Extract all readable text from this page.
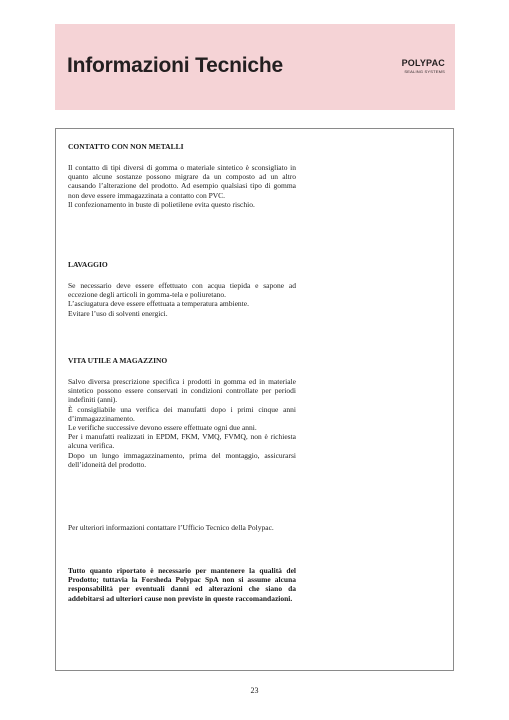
Informazioni Tecniche	POLYPAC
SEALING SYSTEMS

CONTATTO CON NON METALLI

Il contatto di tipi diversi di gomma o materiale sintetico è sconsigliato in quanto alcune sostanze possono migrare da un composto ad un altro causando l’alterazione del prodotto. Ad esempio qualsiasi tipo di gomma non deve essere immagazzinata a contatto con PVC.
Il confezionamento in buste di polietilene evita questo rischio.

LAVAGGIO

Se necessario deve essere effettuato con acqua tiepida e sapone ad eccezione degli articoli in gomma-tela e poliuretano.
L’asciugatura deve essere effettuata a temperatura ambiente.
Evitare l’uso di solventi energici.

VITA UTILE A MAGAZZINO

Salvo diversa prescrizione specifica i prodotti in gomma ed in materiale sintetico possono essere conservati in condizioni controllate per periodi indefiniti (anni).
È consigliabile una verifica dei manufatti dopo i primi cinque anni d’immagazzinamento.
Le verifiche successive devono essere effettuate ogni due anni.
Per i manufatti realizzati in EPDM, FKM, VMQ, FVMQ, non è richiesta alcuna verifica.
Dopo un lungo immagazzinamento, prima del montaggio, assicurarsi dell’idoneità del prodotto.

Per ulteriori informazioni contattare l’Ufficio Tecnico della Polypac.

Tutto quanto riportato è necessario per mantenere la qualità del Prodotto; tuttavia la Forsheda Polypac SpA non si assume alcuna responsabilità per eventuali danni ed alterazioni che siano da addebitarsi ad ulteriori cause non previste in queste raccomandazioni.

23
